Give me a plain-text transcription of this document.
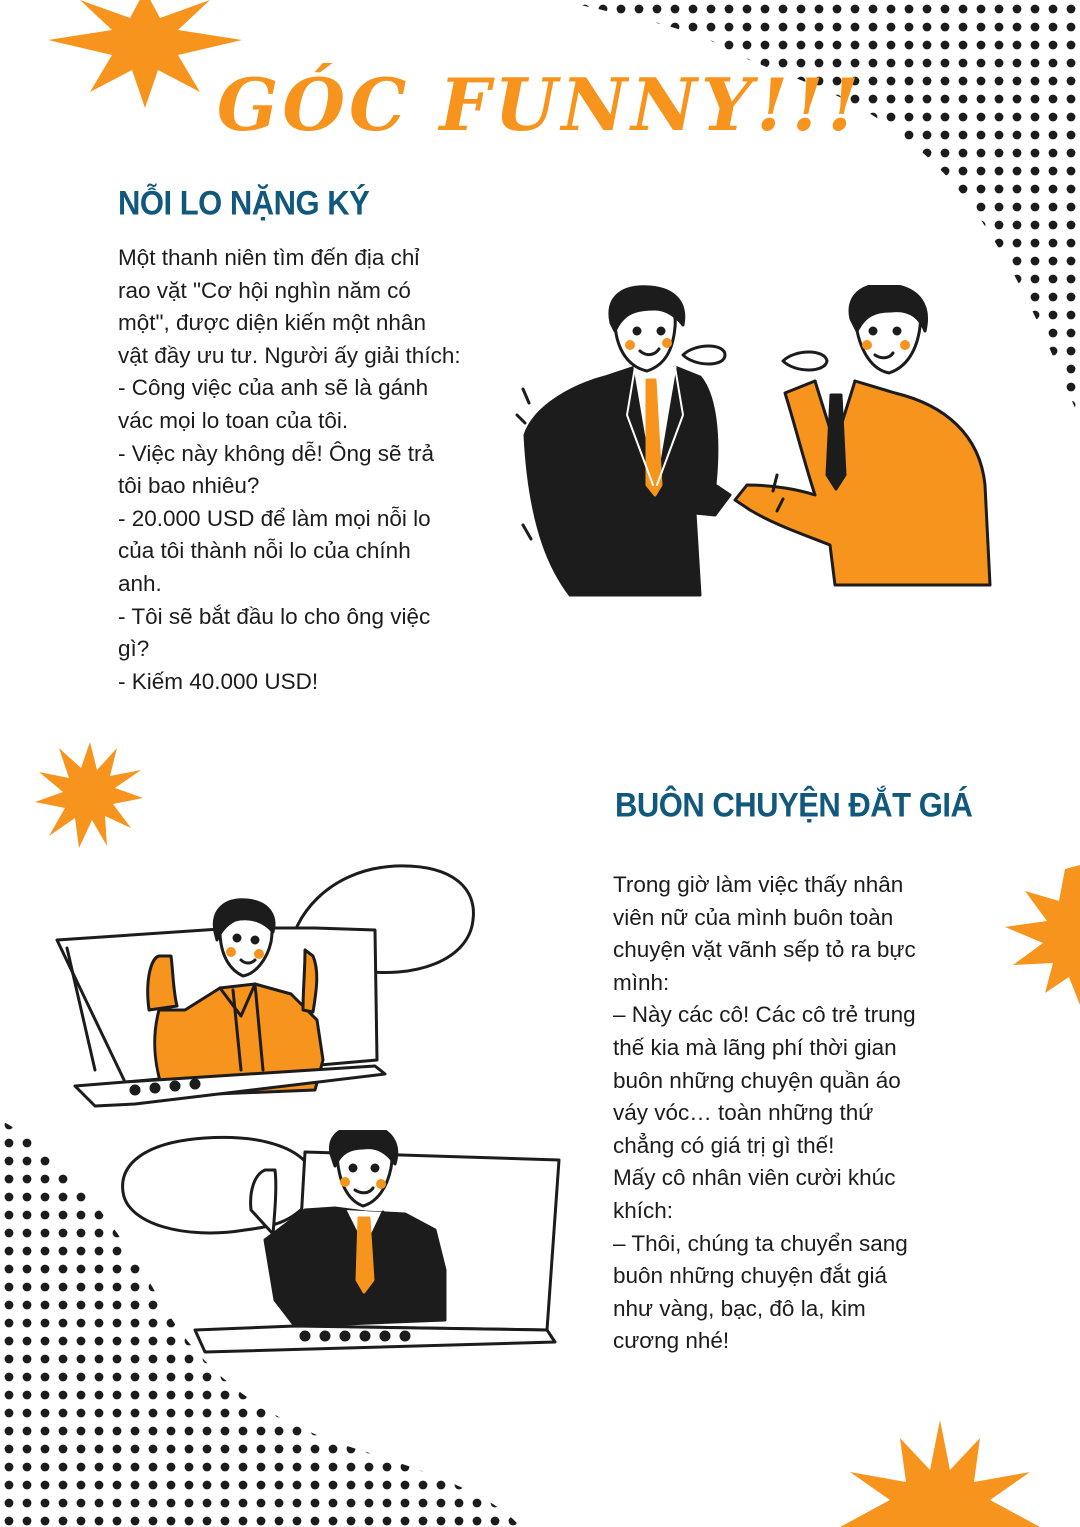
GÓC FUNNY!!!
NỖI LO NẶNG KÝ

Một thanh niên tìm đến địa chỉ

rao vặt "Cơ hội nghìn năm có

một", được diện kiến một nhân

vật đầy ưu tư. Người ấy giải thích:

- Công việc của anh sẽ là gánh

vác mọi lo toan của tôi.

- Việc này không dễ! Ông sẽ trả

tôi bao nhiêu?

- 20.000 USD để làm mọi nỗi lo

của tôi thành nỗi lo của chính

anh.

- Tôi sẽ bắt đầu lo cho ông việc

gì?

- Kiếm 40.000 USD!

BUÔN CHUYỆN ĐẮT GIÁ

Trong giờ làm việc thấy nhân

viên nữ của mình buôn toàn

chuyện vặt vãnh sếp tỏ ra bực

mình:

– Này các cô! Các cô trẻ trung

thế kia mà lãng phí thời gian

buôn những chuyện quần áo

váy vóc… toàn những thứ

chẳng có giá trị gì thế!

Mấy cô nhân viên cười khúc

khích:

– Thôi, chúng ta chuyển sang

buôn những chuyện đắt giá

như vàng, bạc, đô la, kim

cương nhé!
